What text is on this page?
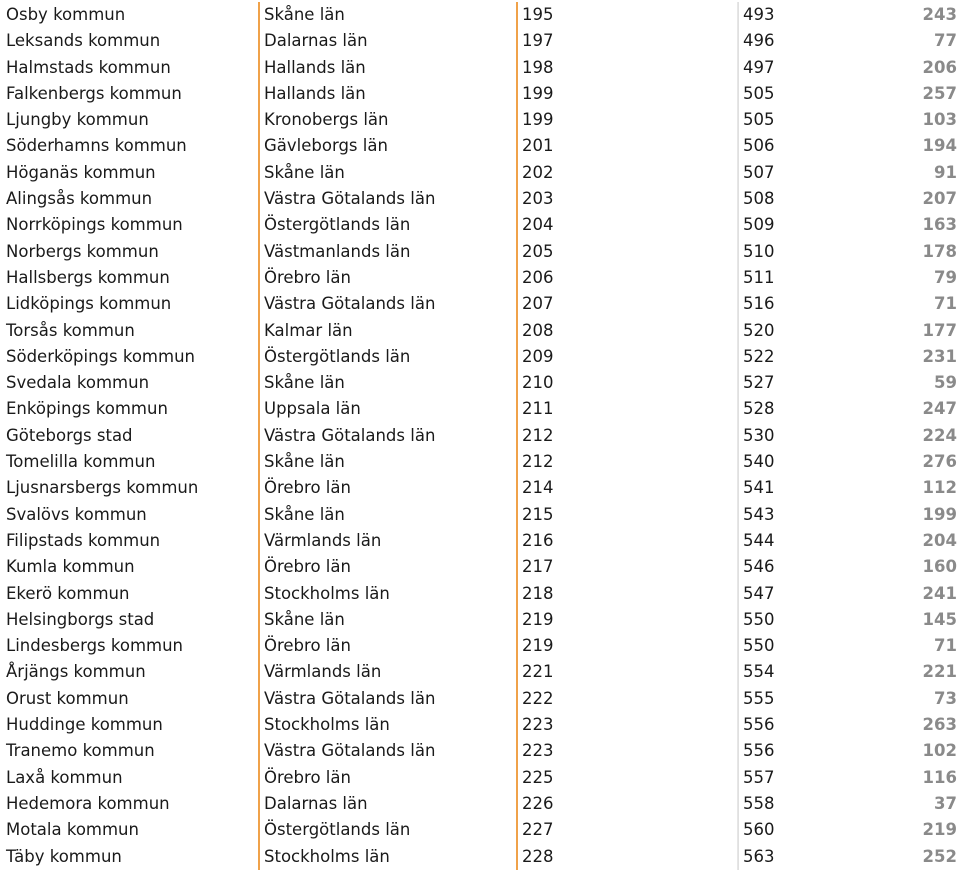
Osby kommun	Skåne län	195	493	243
Leksands kommun	Dalarnas län	197	496	77
Halmstads kommun	Hallands län	198	497	206
Falkenbergs kommun	Hallands län	199	505	257
Ljungby kommun	Kronobergs län	199	505	103
Söderhamns kommun	Gävleborgs län	201	506	194
Höganäs kommun	Skåne län	202	507	91
Alingsås kommun	Västra Götalands län	203	508	207
Norrköpings kommun	Östergötlands län	204	509	163
Norbergs kommun	Västmanlands län	205	510	178
Hallsbergs kommun	Örebro län	206	511	79
Lidköpings kommun	Västra Götalands län	207	516	71
Torsås kommun	Kalmar län	208	520	177
Söderköpings kommun	Östergötlands län	209	522	231
Svedala kommun	Skåne län	210	527	59
Enköpings kommun	Uppsala län	211	528	247
Göteborgs stad	Västra Götalands län	212	530	224
Tomelilla kommun	Skåne län	212	540	276
Ljusnarsbergs kommun	Örebro län	214	541	112
Svalövs kommun	Skåne län	215	543	199
Filipstads kommun	Värmlands län	216	544	204
Kumla kommun	Örebro län	217	546	160
Ekerö kommun	Stockholms län	218	547	241
Helsingborgs stad	Skåne län	219	550	145
Lindesbergs kommun	Örebro län	219	550	71
Årjängs kommun	Värmlands län	221	554	221
Orust kommun	Västra Götalands län	222	555	73
Huddinge kommun	Stockholms län	223	556	263
Tranemo kommun	Västra Götalands län	223	556	102
Laxå kommun	Örebro län	225	557	116
Hedemora kommun	Dalarnas län	226	558	37
Motala kommun	Östergötlands län	227	560	219
Täby kommun	Stockholms län	228	563	252
